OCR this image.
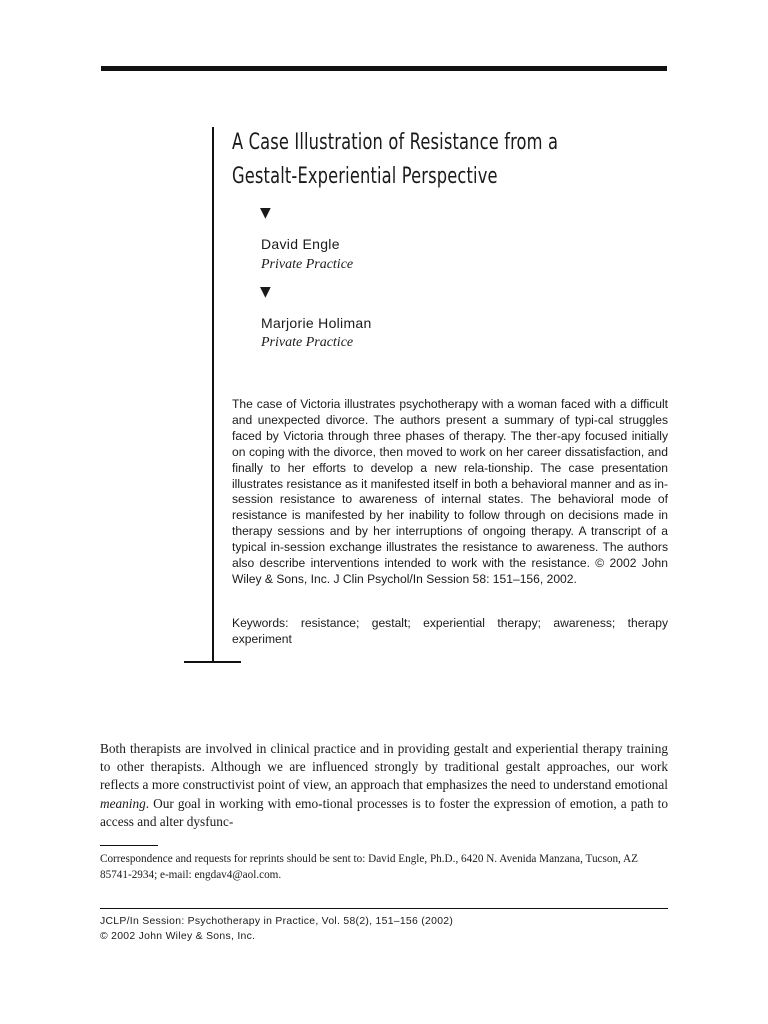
A Case Illustration of Resistance from a
Gestalt-Experiential Perspective
▼
David Engle
Private Practice
▼
Marjorie Holiman
Private Practice

The case of Victoria illustrates psychotherapy with a woman faced with a difficult and unexpected divorce. The authors present a summary of typi-cal struggles faced by Victoria through three phases of therapy. The ther-apy focused initially on coping with the divorce, then moved to work on her career dissatisfaction, and finally to her efforts to develop a new rela-tionship. The case presentation illustrates resistance as it manifested itself in both a behavioral manner and as in-session resistance to awareness of internal states. The behavioral mode of resistance is manifested by her inability to follow through on decisions made in therapy sessions and by her interruptions of ongoing therapy. A transcript of a typical in-session exchange illustrates the resistance to awareness. The authors also describe interventions intended to work with the resistance. © 2002 John Wiley & Sons, Inc. J Clin Psychol/In Session 58: 151–156, 2002.

Keywords: resistance; gestalt; experiential therapy; awareness; therapy experiment

Both therapists are involved in clinical practice and in providing gestalt and experiential therapy training to other therapists. Although we are influenced strongly by traditional gestalt approaches, our work reflects a more constructivist point of view, an approach that emphasizes the need to understand emotional meaning. Our goal in working with emo-tional processes is to foster the expression of emotion, a path to access and alter dysfunc-

Correspondence and requests for reprints should be sent to: David Engle, Ph.D., 6420 N. Avenida Manzana, Tucson, AZ 85741-2934; e-mail: engdav4@aol.com.

JCLP/In Session: Psychotherapy in Practice, Vol. 58(2), 151–156 (2002)
© 2002 John Wiley & Sons, Inc.
